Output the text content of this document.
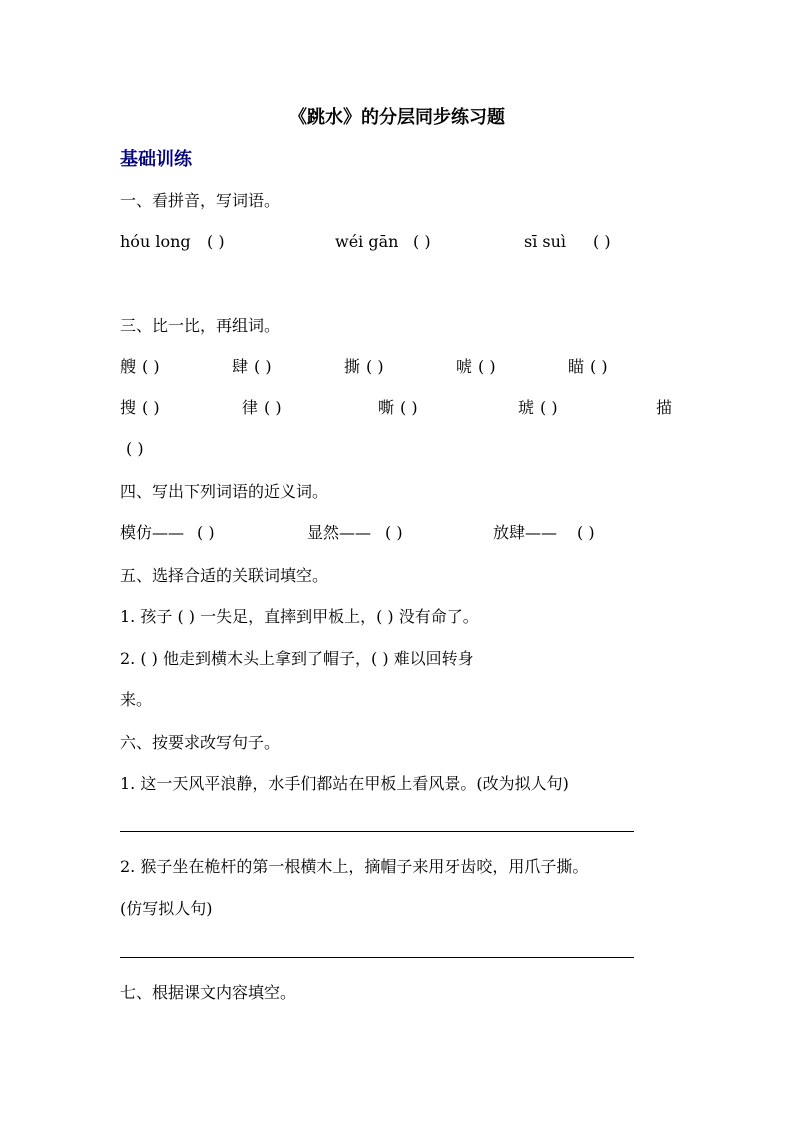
《跳水》的分层同步练习题
基础训练
一、看拼音，写词语。
hóu long ( )	wéi gān ( )	sī suì ( )
三、比一比，再组词。
艘 ( )	肆 ( )	撕 ( )	唬 ( )	瞄 ( )
搜 ( )	律 ( )	嘶 ( )	琥 ( )	描
( )
四、写出下列词语的近义词。
模仿—— ( )	显然—— ( )	放肆—— ( )
五、选择合适的关联词填空。
1. 孩子 ( ) 一失足，直摔到甲板上，( ) 没有命了。
2. ( ) 他走到横木头上拿到了帽子，( ) 难以回转身
来。
六、按要求改写句子。
1. 这一天风平浪静，水手们都站在甲板上看风景。(改为拟人句)
2. 猴子坐在桅杆的第一根横木上，摘帽子来用牙齿咬，用爪子撕。
(仿写拟人句)
七、根据课文内容填空。
